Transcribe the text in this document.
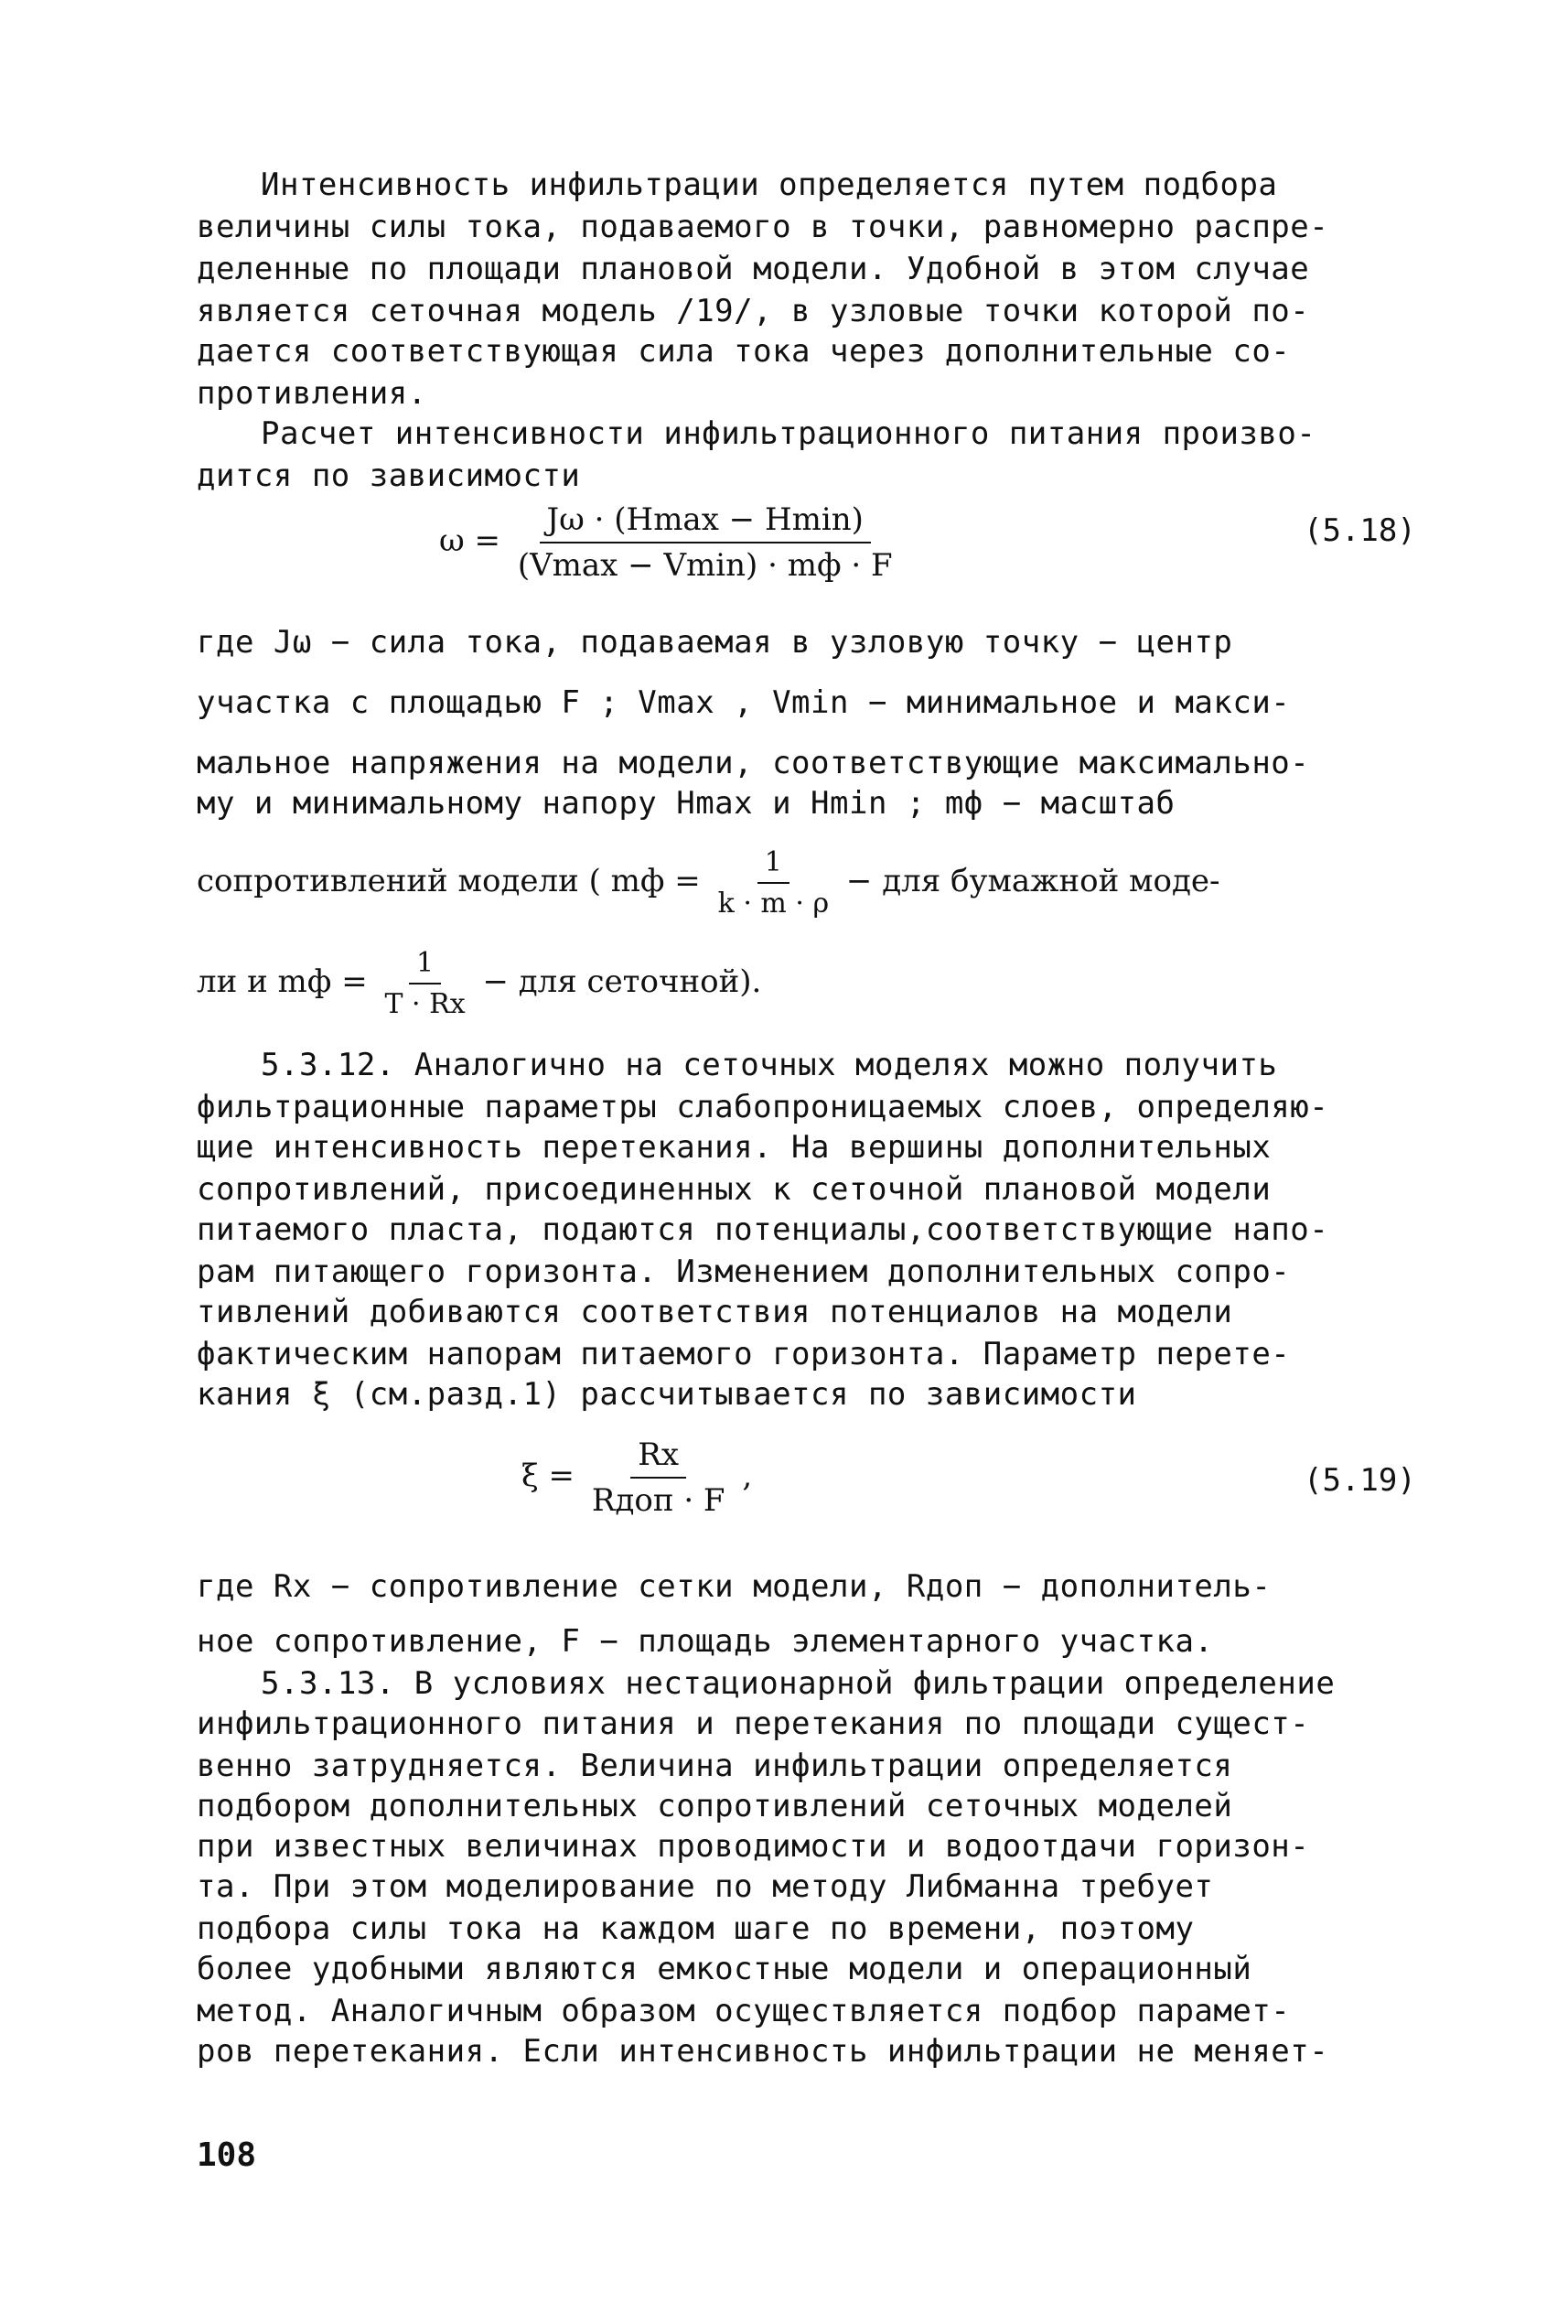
Интенсивность инфильтрации определяется путем подбора
величины силы тока, подаваемого в точки, равномерно распре-
деленные по площади плановой модели. Удобной в этом случае
является сеточная модель /19/, в узловые точки которой по-
дается соответствующая сила тока через дополнительные со-
противления.
Расчет интенсивности инфильтрационного питания произво-
дится по зависимости
$\omega = \frac{J\omega \cdot (Hmax - Hmin)}{(Vmax - Vmin) \cdot mф \cdot F}$	(5.18)
где Jω − сила тока, подаваемая в узловую точку − центр
участка с площадью F ; Vmax , Vmin − минимальное и макси-
мальное напряжения на модели, соответствующие максимально-
му и минимальному напору Hmax и Hmin ; mф − масштаб
сопротивлений модели ( mф = $\frac{1}{k \cdot m \cdot \rho}$ − для бумажной моде-
ли и mф = $\frac{1}{T \cdot Rx}$ − для сеточной).
5.3.12. Аналогично на сеточных моделях можно получить
фильтрационные параметры слабопроницаемых слоев, определяю-
щие интенсивность перетекания. На вершины дополнительных
сопротивлений, присоединенных к сеточной плановой модели
питаемого пласта, подаются потенциалы,соответствующие напо-
рам питающего горизонта. Изменением дополнительных сопро-
тивлений добиваются соответствия потенциалов на модели
фактическим напорам питаемого горизонта. Параметр перете-
кания ξ (см.разд.1) рассчитывается по зависимости
$\xi = \frac{Rx}{\text{Rдоп · F}}$ ,	(5.19)
где Rx − сопротивление сетки модели, Rдоп − дополнитель-
ное сопротивление, F − площадь элементарного участка.
5.3.13. В условиях нестационарной фильтрации определение
инфильтрационного питания и перетекания по площади сущест-
венно затрудняется. Величина инфильтрации определяется
подбором дополнительных сопротивлений сеточных моделей
при известных величинах проводимости и водоотдачи горизон-
та. При этом моделирование по методу Либманна требует
подбора силы тока на каждом шаге по времени, поэтому
более удобными являются емкостные модели и операционный
метод. Аналогичным образом осуществляется подбор парамет-
ров перетекания. Если интенсивность инфильтрации не меняет-
108
